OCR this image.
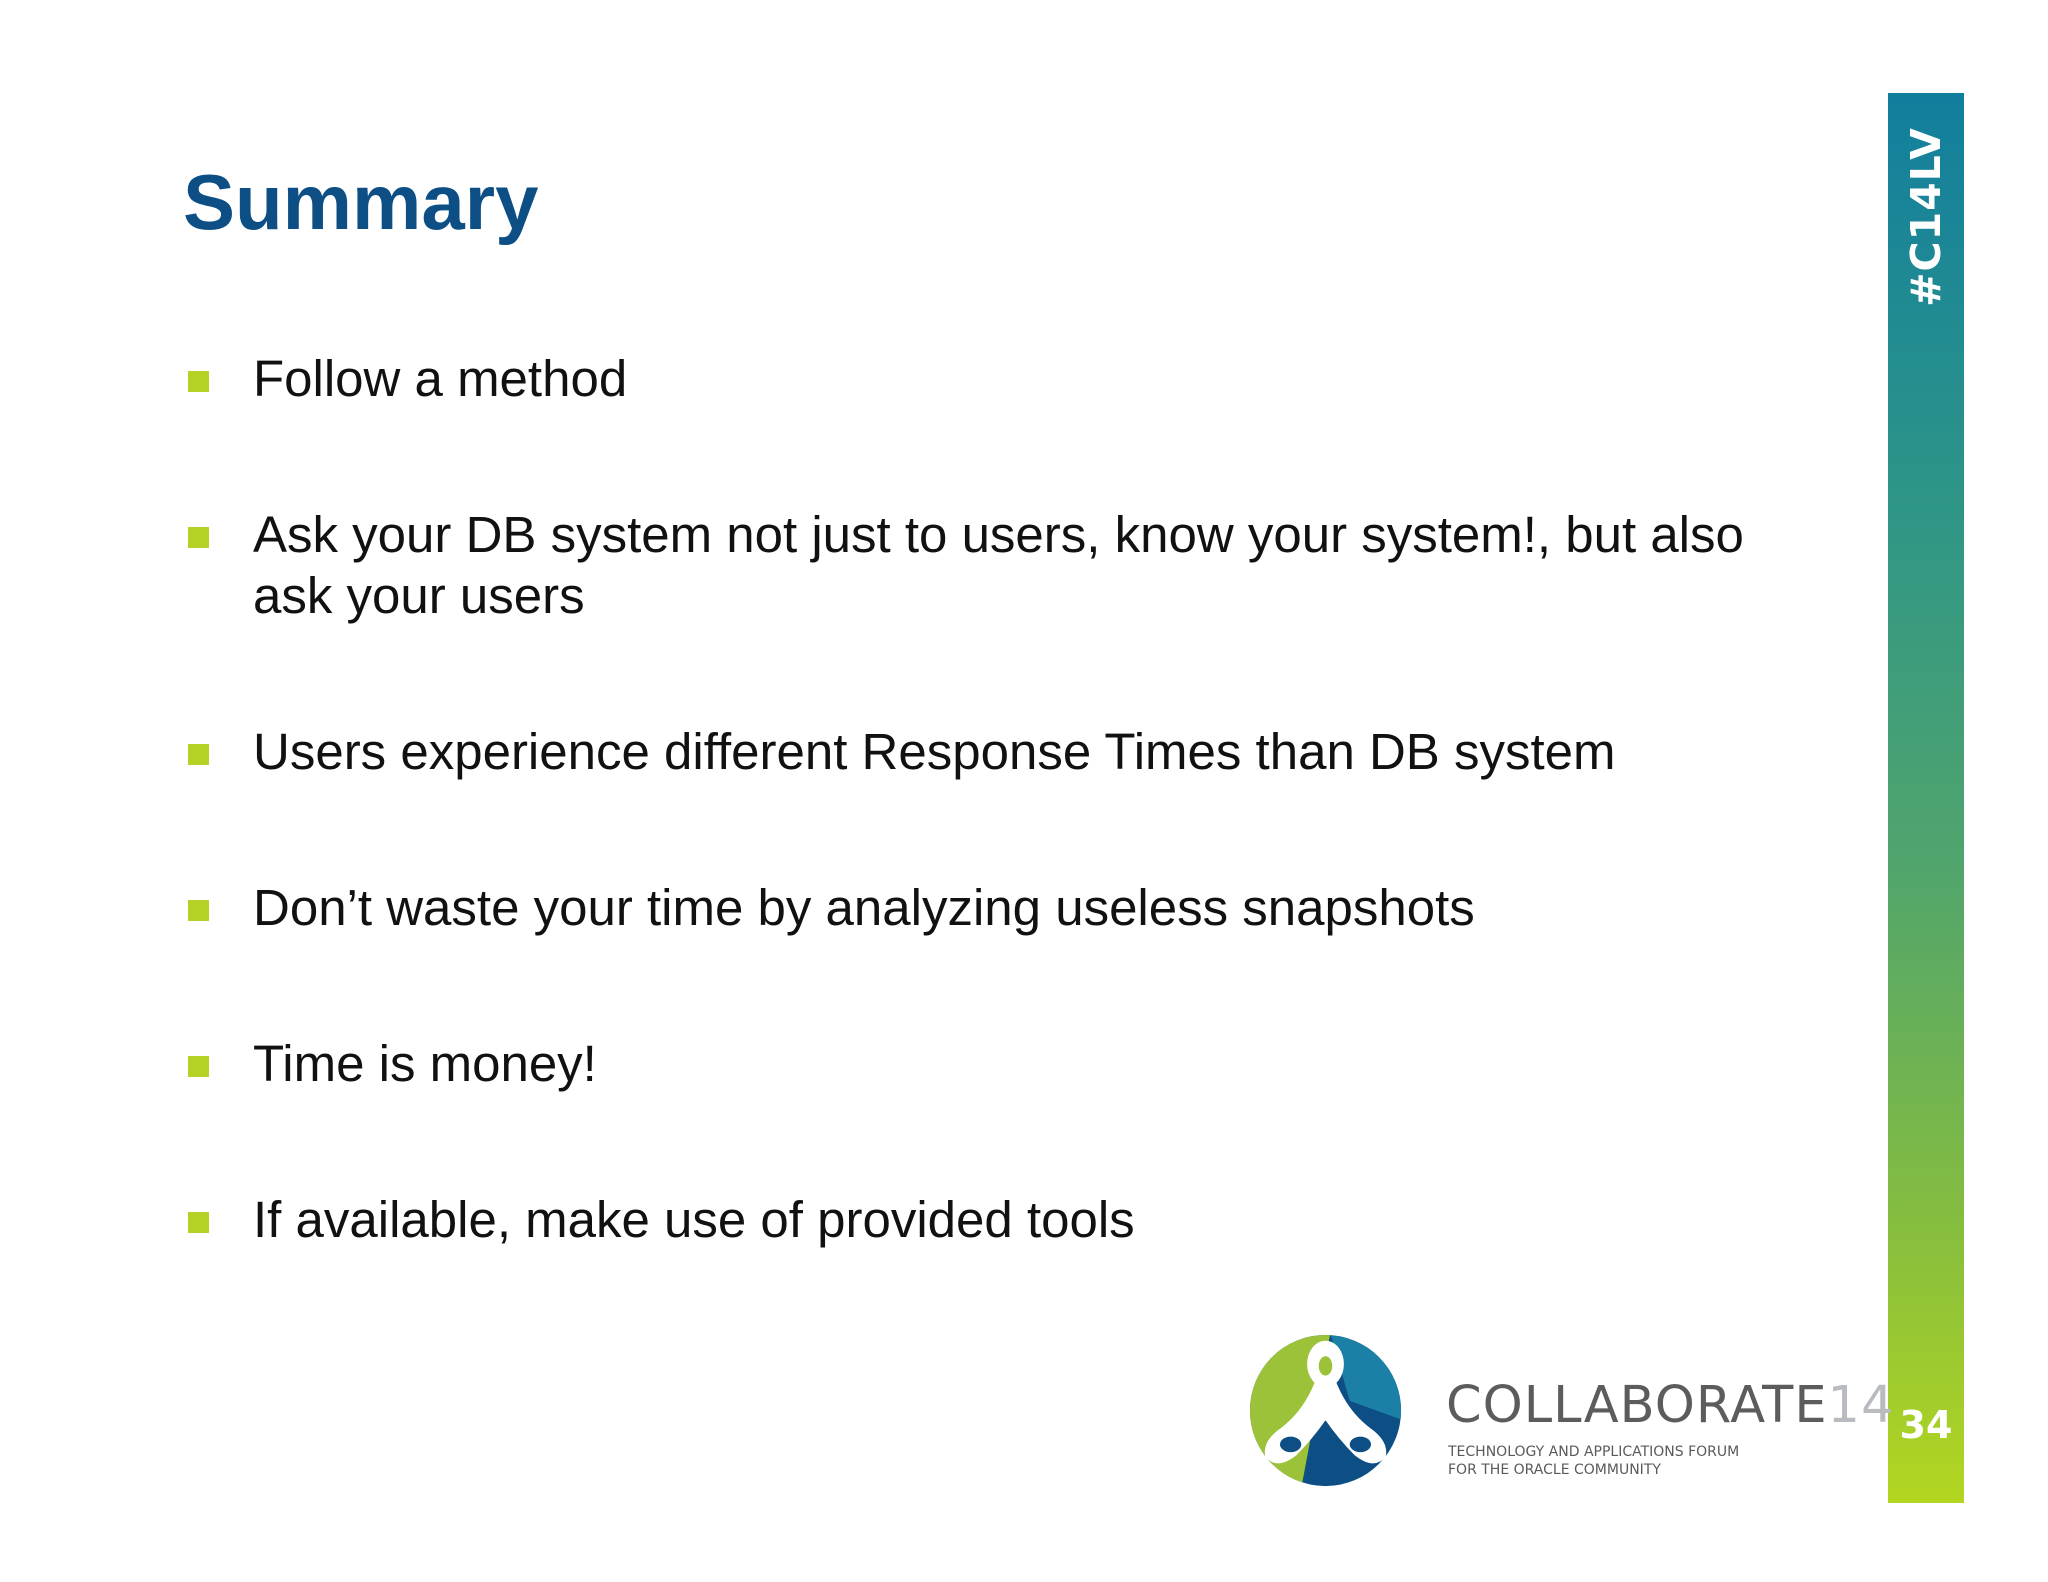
Summary
Follow a method
Ask your DB system not just to users, know your system!, but also ask your users
Users experience different Response Times than DB system
Don’t waste your time by analyzing useless snapshots
Time is money!
If available, make use of provided tools
#C14LV
34
COLLABORATE14
TECHNOLOGY AND APPLICATIONS FORUM
FOR THE ORACLE COMMUNITY
